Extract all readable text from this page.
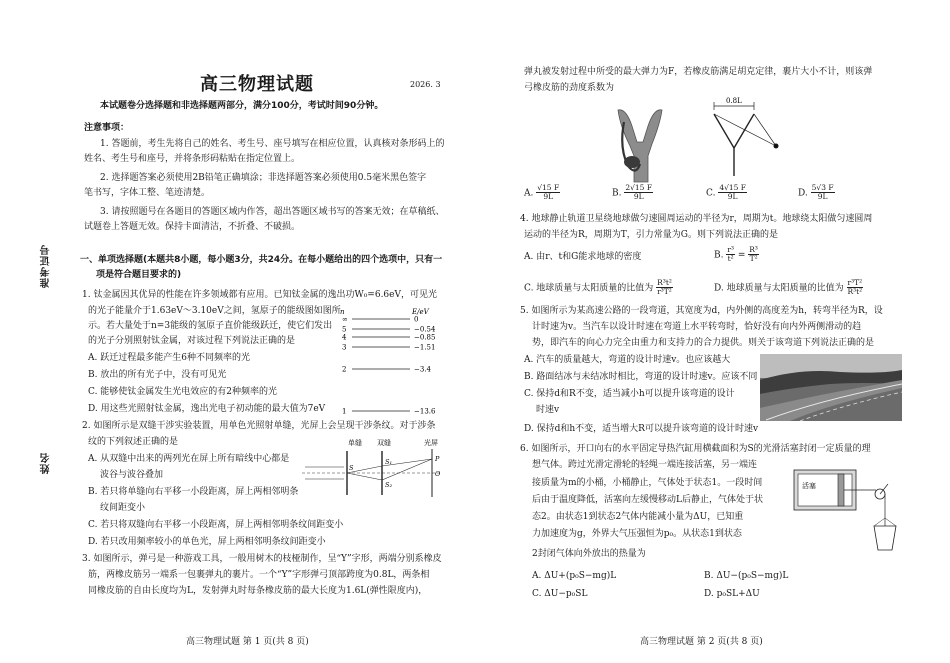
准考证号
姓名
高三物理试题	2026. 3
本试题卷分选择题和非选择题两部分，满分100分，考试时间90分钟。
注意事项：
1. 答题前，考生先将自己的姓名、考生号、座号填写在相应位置，认真核对条形码上的
姓名、考生号和座号，并将条形码粘贴在指定位置上。
2. 选择题答案必须使用2B铅笔正确填涂；非选择题答案必须使用0.5毫米黑色签字
笔书写，字体工整、笔迹清楚。
3. 请按照题号在各题目的答题区域内作答，超出答题区域书写的答案无效；在草稿纸、
试题卷上答题无效。保持卡面清洁，不折叠、不破损。
一、单项选择题(本题共8小题，每小题3分，共24分。在每小题给出的四个选项中，只有一
项是符合题目要求的)
1. 钛金属因其优异的性能在许多领域都有应用。已知钛金属的逸出功W₀=6.6eV，可见光
的光子能量介于1.63eV～3.10eV之间，氢原子的能级图如图所
示。若大量处于n=3能级的氢原子直价能级跃迁，使它们发出
的光子分别照射钛金属，对该过程下列说法正确的是
A. 跃迁过程最多能产生6种不同频率的光
B. 放出的所有光子中，没有可见光
C. 能够使钛金属发生光电效应的有2种频率的光
D. 用这些光照射钛金属，逸出光电子初动能的最大值为7eV
n	E/eV
∞	0
5	−0.54
4	−0.85
3	−1.51
2	−3.4
1	−13.6
2. 如图所示是双缝干涉实验装置，用单色光照射单缝，光屏上会呈现干涉条纹。对于涉条
纹的下列叙述正确的是
A. 从双缝中出来的两列光在屏上所有暗线中心都是
波谷与波谷叠加
B. 若只将单缝向右平移一小段距离，屏上两相邻明条
纹间距变小
C. 若只将双缝向右平移一小段距离，屏上两相邻明条纹间距变小
D. 若只改用频率较小的单色光，屏上两相邻明条纹间距变小
单缝 双缝	光屏
S
S₁
S₂
P
O
3. 如图所示，弹弓是一种游戏工具，一般用树木的枝桠制作，呈“Y”字形，两端分别系橡皮
筋，两橡皮筋另一端系一包裹弹丸的裹片。一个“Y”字形弹弓顶部跨度为0.8L，两条相
同橡皮筋的自由长度均为L，发射弹丸时每条橡皮筋的最大长度为1.6L(弹性限度内)，
高三物理试题 第 1 页(共 8 页)
弹丸被发射过程中所受的最大弹力为F，若橡皮筋满足胡克定律，裹片大小不计，则该弹
弓橡皮筋的劲度系数为
0.8L
A. $\frac{√15 F}{9L}$	B. $\frac{2√15 F}{9L}$	C. $\frac{4√15 F}{9L}$	D. $\frac{5√3 F}{9L}$
4. 地球静止轨道卫星绕地球做匀速圆周运动的半径为r，周期为t。地球绕太阳做匀速圆周
运动的半径为R，周期为T，引力常量为G。则下列说法正确的是
A. 由r、t和G能求地球的密度	B. $\frac{\text{r³}}{\text{t²}} = \frac{\text{R³}}{\text{T²}}$
C. 地球质量与太阳质量的比值为 $\frac{\text{R³t²}}{\text{r³T²}}$	D. 地球质量与太阳质量的比值为 $\frac{\text{r³T²}}{\text{R³t²}}$
5. 如图所示为某高速公路的一段弯道，其宽度为d，内外侧的高度差为h，转弯半径为R，设
计时速为v。当汽车以设计时速在弯道上水平转弯时，恰好没有向内外两侧滑动的趋
势，即汽车的向心力完全由重力和支持力的合力提供。则关于该弯道下列说法正确的是
A. 汽车的质量越大，弯道的设计时速v。也应该越大
B. 路面结冰与未结冰时相比，弯道的设计时速v。应该不同
C. 保持d和R不变，适当减小h可以提升该弯道的设计
时速v
D. 保持d和h不变，适当增大R可以提升该弯道的设计时速v
6. 如图所示，开口向右的水平固定导热汽缸用横截面积为S的光滑活塞封闭一定质量的理
想气体。跨过光滑定滑轮的轻绳一端连接活塞，另一端连
接质量为m的小桶，小桶静止，气体处于状态1。一段时间
后由于温度降低，活塞向左缓慢移动L后静止，气体处于状
态2。由状态1到状态2气体内能减小量为ΔU，已知重
力加速度为g，外界大气压强恒为p₀。从状态1到状态
2封闭气体向外放出的热量为
活塞
A. ΔU+(p₀S−mg)L	B. ΔU−(p₀S−mg)L
C. ΔU−p₀SL	D. p₀SL+ΔU
高三物理试题 第 2 页(共 8 页)
